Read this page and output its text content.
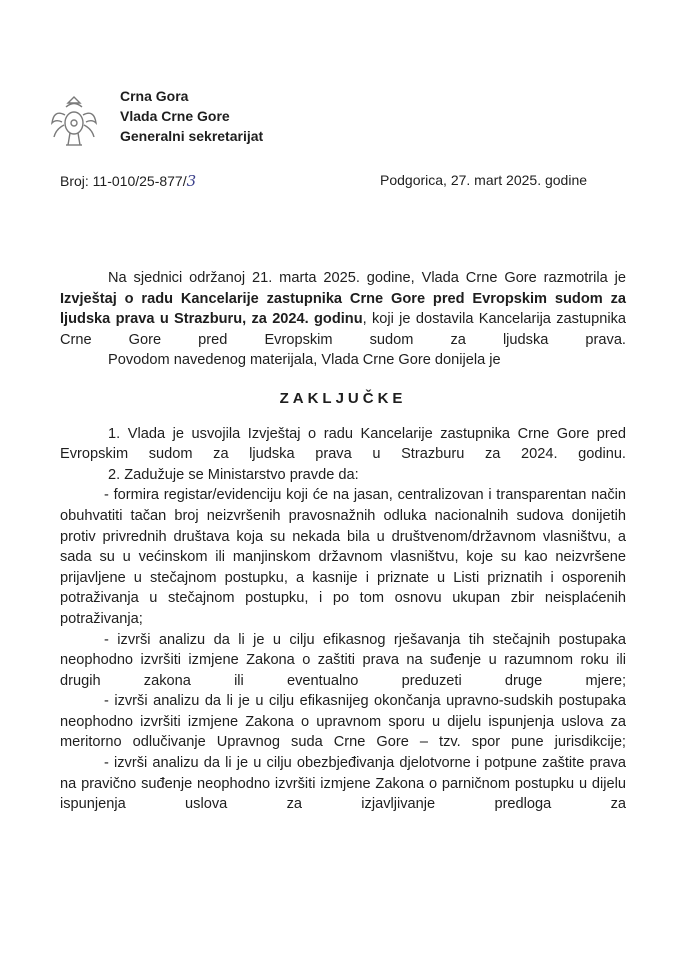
Crna Gora
Vlada Crne Gore
Generalni sekretarijat
Broj: 11-010/25-877/3	Podgorica, 27. mart 2025. godine

Na sjednici održanoj 21. marta 2025. godine, Vlada Crne Gore razmotrila je Izvještaj o radu Kancelarije zastupnika Crne Gore pred Evropskim sudom za ljudska prava u Strazburu, za 2024. godinu, koji je dostavila Kancelarija zastupnika Crne Gore pred Evropskim sudom za ljudska prava.

Povodom navedenog materijala, Vlada Crne Gore donijela je

ZAKLJUČKE

1. Vlada je usvojila Izvještaj o radu Kancelarije zastupnika Crne Gore pred Evropskim sudom za ljudska prava u Strazburu za 2024. godinu.

2. Zadužuje se Ministarstvo pravde da:

- formira registar/evidenciju koji će na jasan, centralizovan i transparentan način obuhvatiti tačan broj neizvršenih pravosnažnih odluka nacionalnih sudova donijetih protiv privrednih društava koja su nekada bila u društvenom/državnom vlasništvu, a sada su u većinskom ili manjinskom državnom vlasništvu, koje su kao neizvršene prijavljene u stečajnom postupku, a kasnije i priznate u Listi priznatih i osporenih potraživanja u stečajnom postupku, i po tom osnovu ukupan zbir neisplaćenih potraživanja;

- izvrši analizu da li je u cilju efikasnog rješavanja tih stečajnih postupaka neophodno izvršiti izmjene Zakona o zaštiti prava na suđenje u razumnom roku ili drugih zakona ili eventualno preduzeti druge mjere;

- izvrši analizu da li je u cilju efikasnijeg okončanja upravno-sudskih postupaka neophodno izvršiti izmjene Zakona o upravnom sporu u dijelu ispunjenja uslova za meritorno odlučivanje Upravnog suda Crne Gore – tzv. spor pune jurisdikcije;

- izvrši analizu da li je u cilju obezbjeđivanja djelotvorne i potpune zaštite prava na pravično suđenje neophodno izvršiti izmjene Zakona o parničnom postupku u dijelu ispunjenja uslova za izjavljivanje predloga za
